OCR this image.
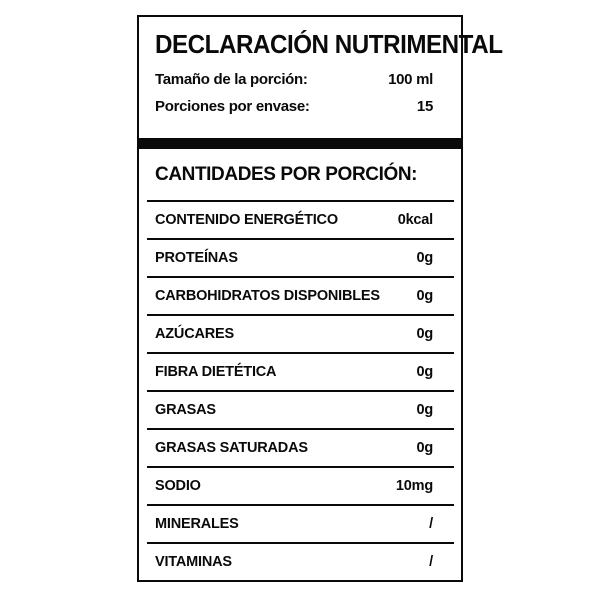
DECLARACIÓN NUTRIMENTAL
Tamaño de la porción:	100 ml
Porciones por envase:	15
CANTIDADES POR PORCIÓN:
CONTENIDO ENERGÉTICO	0kcal
PROTEÍNAS	0g
CARBOHIDRATOS DISPONIBLES	0g
AZÚCARES	0g
FIBRA DIETÉTICA	0g
GRASAS	0g
GRASAS SATURADAS	0g
SODIO	10mg
MINERALES	/
VITAMINAS	/
